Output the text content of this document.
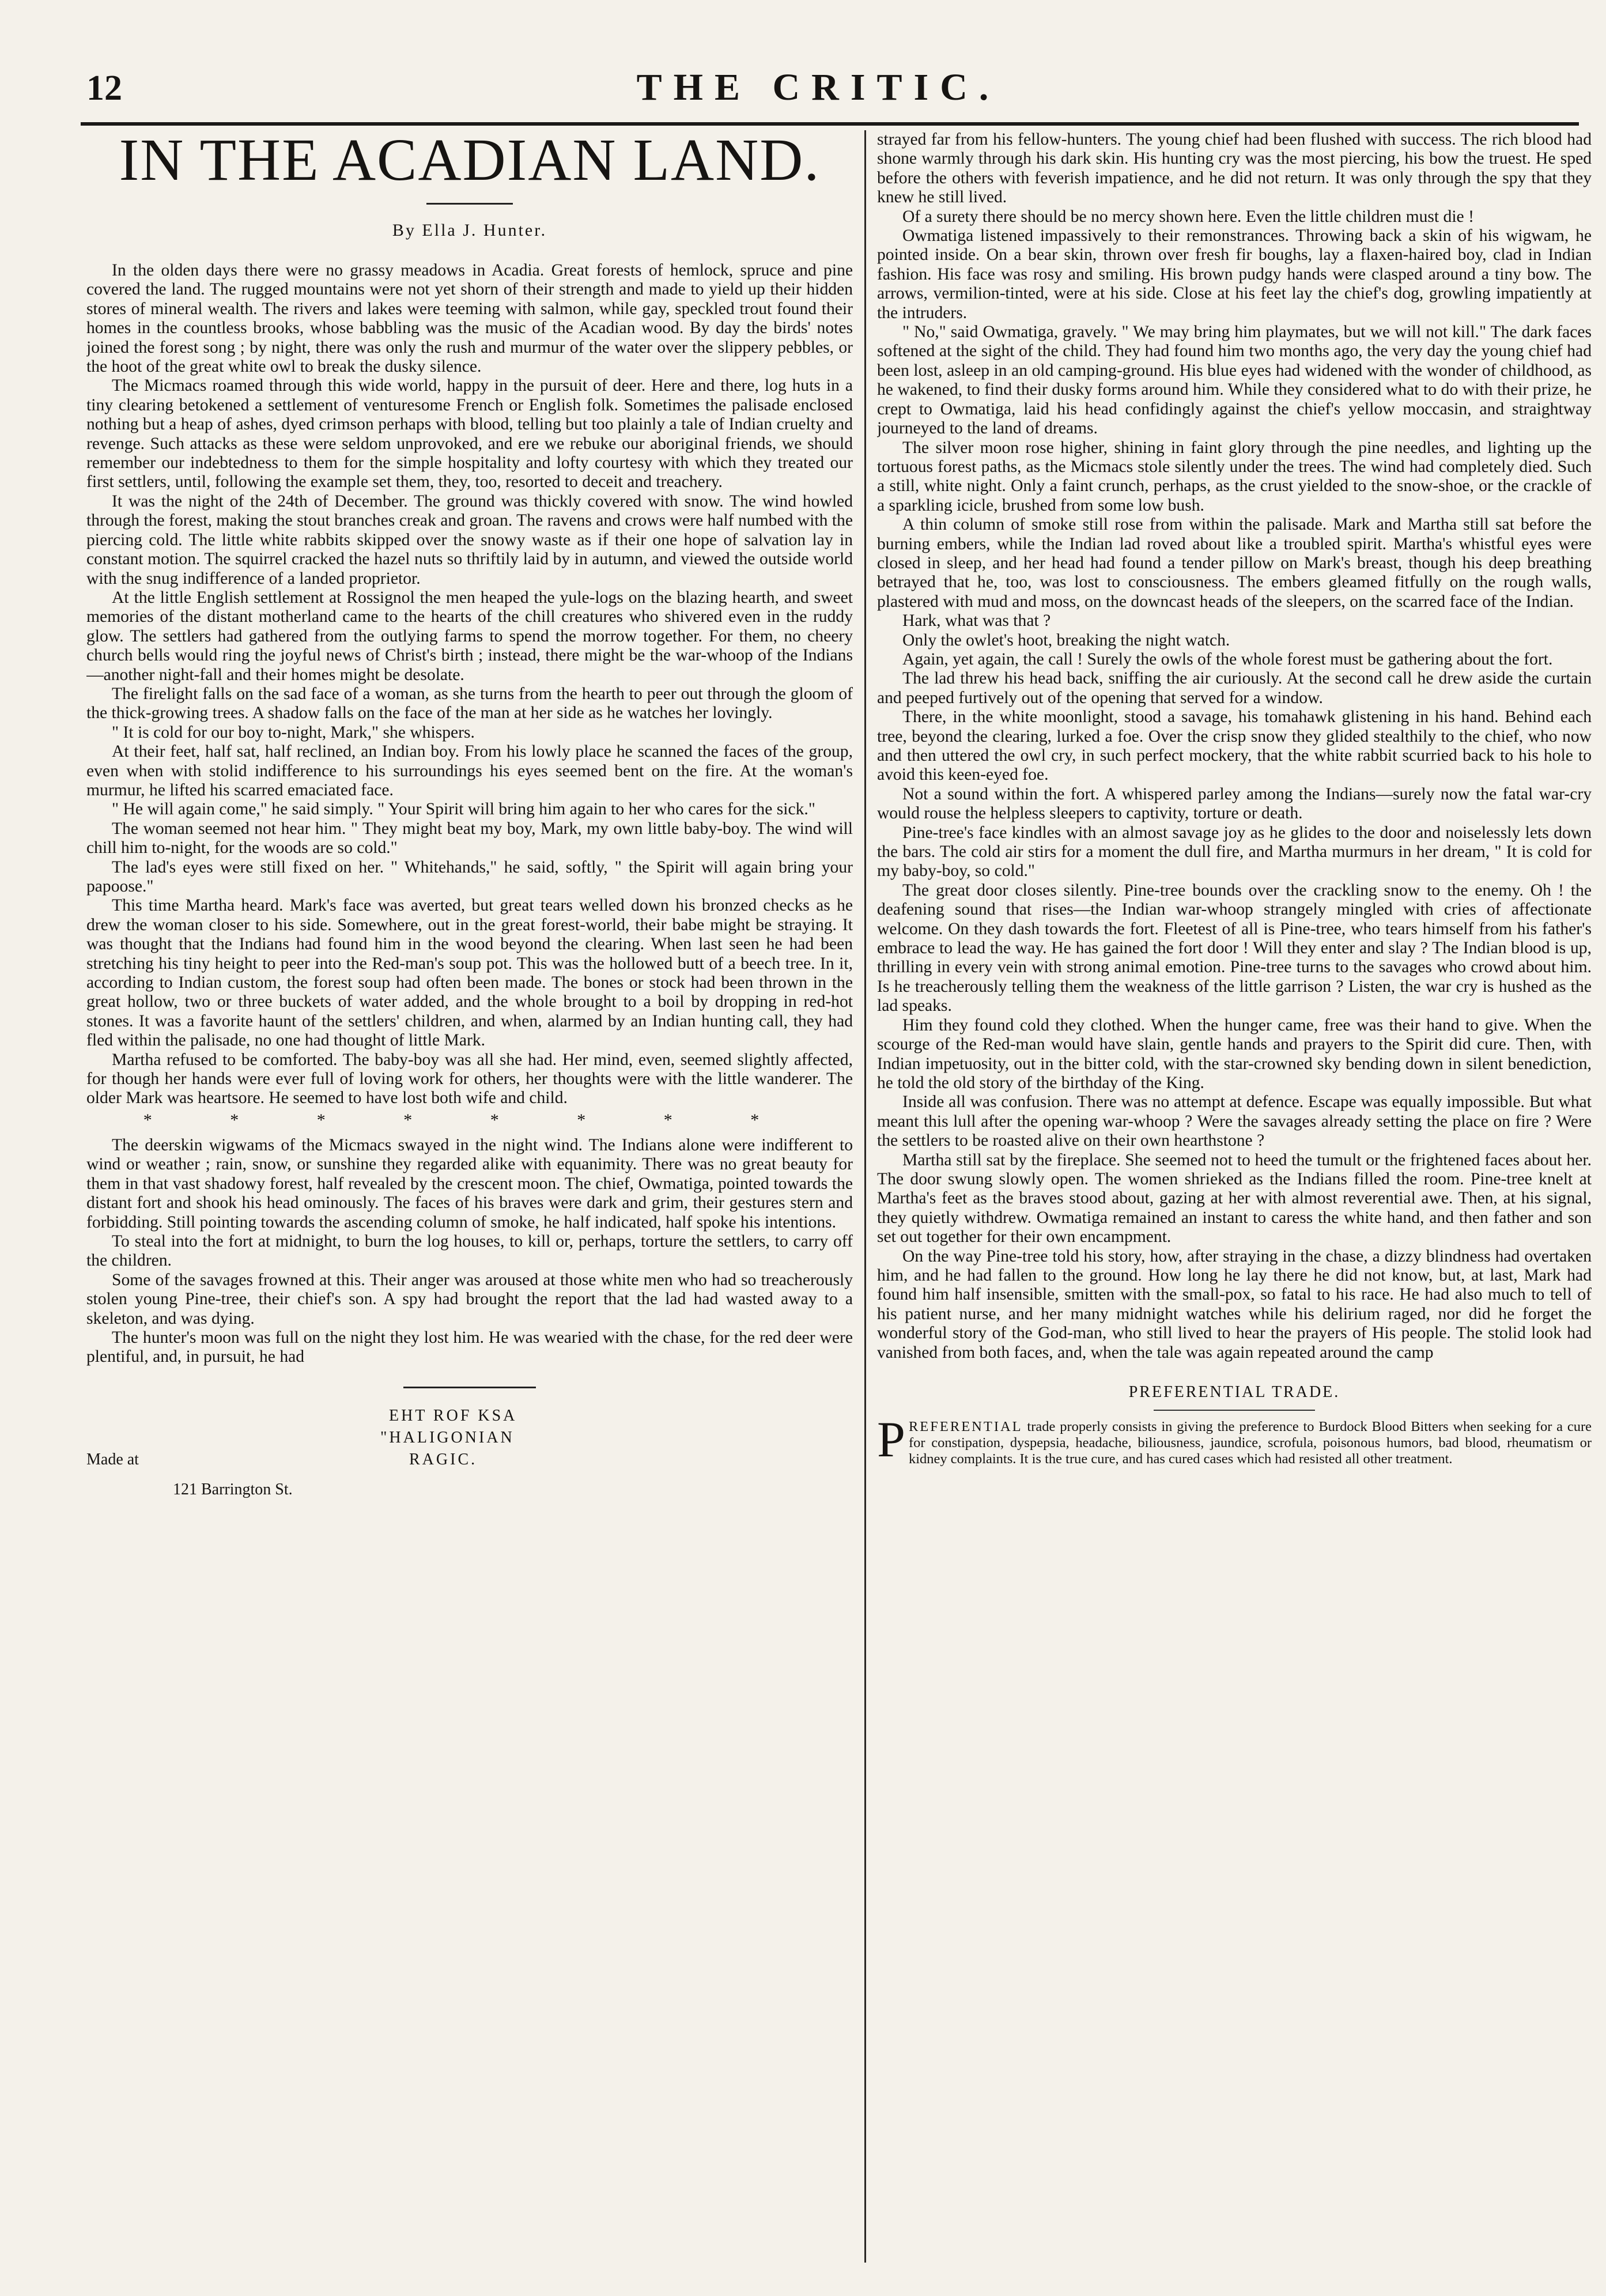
12	THE CRITIC.
IN THE ACADIAN LAND.
By Ella J. Hunter.

In the olden days there were no grassy meadows in Acadia. Great forests of hemlock, spruce and pine covered the land. The rugged mountains were not yet shorn of their strength and made to yield up their hidden stores of mineral wealth. The rivers and lakes were teeming with salmon, while gay, speckled trout found their homes in the countless brooks, whose babbling was the music of the Acadian wood. By day the birds' notes joined the forest song ; by night, there was only the rush and murmur of the water over the slippery pebbles, or the hoot of the great white owl to break the dusky silence.

The Micmacs roamed through this wide world, happy in the pursuit of deer. Here and there, log huts in a tiny clearing betokened a settlement of venturesome French or English folk. Sometimes the palisade enclosed nothing but a heap of ashes, dyed crimson perhaps with blood, telling but too plainly a tale of Indian cruelty and revenge. Such attacks as these were seldom unprovoked, and ere we rebuke our aboriginal friends, we should remember our indebtedness to them for the simple hospitality and lofty courtesy with which they treated our first settlers, until, following the example set them, they, too, resorted to deceit and treachery.

It was the night of the 24th of December. The ground was thickly covered with snow. The wind howled through the forest, making the stout branches creak and groan. The ravens and crows were half numbed with the piercing cold. The little white rabbits skipped over the snowy waste as if their one hope of salvation lay in constant motion. The squirrel cracked the hazel nuts so thriftily laid by in autumn, and viewed the outside world with the snug indifference of a landed proprietor.

At the little English settlement at Rossignol the men heaped the yule-logs on the blazing hearth, and sweet memories of the distant motherland came to the hearts of the chill creatures who shivered even in the ruddy glow. The settlers had gathered from the outlying farms to spend the morrow together. For them, no cheery church bells would ring the joyful news of Christ's birth ; instead, there might be the war-whoop of the Indians—another night-fall and their homes might be desolate.

The firelight falls on the sad face of a woman, as she turns from the hearth to peer out through the gloom of the thick-growing trees. A shadow falls on the face of the man at her side as he watches her lovingly.

" It is cold for our boy to-night, Mark," she whispers.

At their feet, half sat, half reclined, an Indian boy. From his lowly place he scanned the faces of the group, even when with stolid indifference to his surroundings his eyes seemed bent on the fire. At the woman's murmur, he lifted his scarred emaciated face.

" He will again come," he said simply. " Your Spirit will bring him again to her who cares for the sick."

The woman seemed not hear him. " They might beat my boy, Mark, my own little baby-boy. The wind will chill him to-night, for the woods are so cold."

The lad's eyes were still fixed on her. " Whitehands," he said, softly, " the Spirit will again bring your papoose."

This time Martha heard. Mark's face was averted, but great tears welled down his bronzed checks as he drew the woman closer to his side. Somewhere, out in the great forest-world, their babe might be straying. It was thought that the Indians had found him in the wood beyond the clearing. When last seen he had been stretching his tiny height to peer into the Red-man's soup pot. This was the hollowed butt of a beech tree. In it, according to Indian custom, the forest soup had often been made. The bones or stock had been thrown in the great hollow, two or three buckets of water added, and the whole brought to a boil by dropping in red-hot stones. It was a favorite haunt of the settlers' children, and when, alarmed by an Indian hunting call, they had fled within the palisade, no one had thought of little Mark.

Martha refused to be comforted. The baby-boy was all she had. Her mind, even, seemed slightly affected, for though her hands were ever full of loving work for others, her thoughts were with the little wanderer. The older Mark was heartsore. He seemed to have lost both wife and child.

* * * * * * * *

The deerskin wigwams of the Micmacs swayed in the night wind. The Indians alone were indifferent to wind or weather ; rain, snow, or sunshine they regarded alike with equanimity. There was no great beauty for them in that vast shadowy forest, half revealed by the crescent moon. The chief, Owmatiga, pointed towards the distant fort and shook his head ominously. The faces of his braves were dark and grim, their gestures stern and forbidding. Still pointing towards the ascending column of smoke, he half indicated, half spoke his intentions.

To steal into the fort at midnight, to burn the log houses, to kill or, perhaps, torture the settlers, to carry off the children.

Some of the savages frowned at this. Their anger was aroused at those white men who had so treacherously stolen young Pine-tree, their chief's son. A spy had brought the report that the lad had wasted away to a skeleton, and was dying.

The hunter's moon was full on the night they lost him. He was wearied with the chase, for the red deer were plentiful, and, in pursuit, he had

EHT ROF KSA
"HALIGONIAN
Made at	RAGIC.
121 Barrington St.

strayed far from his fellow-hunters. The young chief had been flushed with success. The rich blood had shone warmly through his dark skin. His hunting cry was the most piercing, his bow the truest. He sped before the others with feverish impatience, and he did not return. It was only through the spy that they knew he still lived.

Of a surety there should be no mercy shown here. Even the little children must die !

Owmatiga listened impassively to their remonstrances. Throwing back a skin of his wigwam, he pointed inside. On a bear skin, thrown over fresh fir boughs, lay a flaxen-haired boy, clad in Indian fashion. His face was rosy and smiling. His brown pudgy hands were clasped around a tiny bow. The arrows, vermilion-tinted, were at his side. Close at his feet lay the chief's dog, growling impatiently at the intruders.

" No," said Owmatiga, gravely. " We may bring him playmates, but we will not kill." The dark faces softened at the sight of the child. They had found him two months ago, the very day the young chief had been lost, asleep in an old camping-ground. His blue eyes had widened with the wonder of childhood, as he wakened, to find their dusky forms around him. While they considered what to do with their prize, he crept to Owmatiga, laid his head confidingly against the chief's yellow moccasin, and straightway journeyed to the land of dreams.

The silver moon rose higher, shining in faint glory through the pine needles, and lighting up the tortuous forest paths, as the Micmacs stole silently under the trees. The wind had completely died. Such a still, white night. Only a faint crunch, perhaps, as the crust yielded to the snow-shoe, or the crackle of a sparkling icicle, brushed from some low bush.

A thin column of smoke still rose from within the palisade. Mark and Martha still sat before the burning embers, while the Indian lad roved about like a troubled spirit. Martha's whistful eyes were closed in sleep, and her head had found a tender pillow on Mark's breast, though his deep breathing betrayed that he, too, was lost to consciousness. The embers gleamed fitfully on the rough walls, plastered with mud and moss, on the downcast heads of the sleepers, on the scarred face of the Indian.

Hark, what was that ?

Only the owlet's hoot, breaking the night watch.

Again, yet again, the call ! Surely the owls of the whole forest must be gathering about the fort.

The lad threw his head back, sniffing the air curiously. At the second call he drew aside the curtain and peeped furtively out of the opening that served for a window.

There, in the white moonlight, stood a savage, his tomahawk glistening in his hand. Behind each tree, beyond the clearing, lurked a foe. Over the crisp snow they glided stealthily to the chief, who now and then uttered the owl cry, in such perfect mockery, that the white rabbit scurried back to his hole to avoid this keen-eyed foe.

Not a sound within the fort. A whispered parley among the Indians—surely now the fatal war-cry would rouse the helpless sleepers to captivity, torture or death.

Pine-tree's face kindles with an almost savage joy as he glides to the door and noiselessly lets down the bars. The cold air stirs for a moment the dull fire, and Martha murmurs in her dream, " It is cold for my baby-boy, so cold."

The great door closes silently. Pine-tree bounds over the crackling snow to the enemy. Oh ! the deafening sound that rises—the Indian war-whoop strangely mingled with cries of affectionate welcome. On they dash towards the fort. Fleetest of all is Pine-tree, who tears himself from his father's embrace to lead the way. He has gained the fort door ! Will they enter and slay ? The Indian blood is up, thrilling in every vein with strong animal emotion. Pine-tree turns to the savages who crowd about him. Is he treacherously telling them the weakness of the little garrison ? Listen, the war cry is hushed as the lad speaks.

Him they found cold they clothed. When the hunger came, free was their hand to give. When the scourge of the Red-man would have slain, gentle hands and prayers to the Spirit did cure. Then, with Indian impetuosity, out in the bitter cold, with the star-crowned sky bending down in silent benediction, he told the old story of the birthday of the King.

Inside all was confusion. There was no attempt at defence. Escape was equally impossible. But what meant this lull after the opening war-whoop ? Were the savages already setting the place on fire ? Were the settlers to be roasted alive on their own hearthstone ?

Martha still sat by the fireplace. She seemed not to heed the tumult or the frightened faces about her. The door swung slowly open. The women shrieked as the Indians filled the room. Pine-tree knelt at Martha's feet as the braves stood about, gazing at her with almost reverential awe. Then, at his signal, they quietly withdrew. Owmatiga remained an instant to caress the white hand, and then father and son set out together for their own encampment.

On the way Pine-tree told his story, how, after straying in the chase, a dizzy blindness had overtaken him, and he had fallen to the ground. How long he lay there he did not know, but, at last, Mark had found him half insensible, smitten with the small-pox, so fatal to his race. He had also much to tell of his patient nurse, and her many midnight watches while his delirium raged, nor did he forget the wonderful story of the God-man, who still lived to hear the prayers of His people. The stolid look had vanished from both faces, and, when the tale was again repeated around the camp

PREFERENTIAL TRADE.
PREFERENTIAL trade properly consists in giving the preference to Burdock Blood Bitters when seeking for a cure for constipation, dyspepsia, headache, biliousness, jaundice, scrofula, poisonous humors, bad blood, rheumatism or kidney complaints. It is the true cure, and has cured cases which had resisted all other treatment.
